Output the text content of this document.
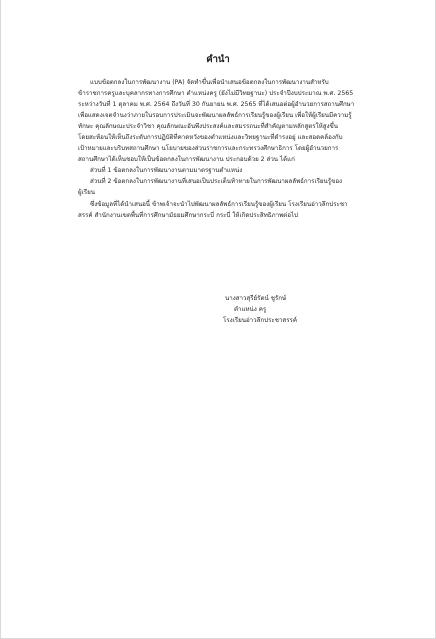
คำนำ
แบบข้อตกลงในการพัฒนางาน (PA) จัดทำขึ้นเพื่อนำเสนอข้อตกลงในการพัฒนางานสำหรับ
ข้าราชการครูและบุคลากรทางการศึกษา ตำแหน่งครู (ยังไม่มีวิทยฐานะ) ประจำปีงบประมาณ พ.ศ. 2565
ระหว่างวันที่ 1 ตุลาคม พ.ศ. 2564 ถึงวันที่ 30 กันยายน พ.ศ. 2565 ที่ได้เสนอต่อผู้อำนวยการสถานศึกษา
เพื่อแสดงเจตจำนงว่าภายในรอบการประเมินจะพัฒนาผลลัพธ์การเรียนรู้ของผู้เรียน เพื่อให้ผู้เรียนมีความรู้
ทักษะ คุณลักษณะประจำวิชา คุณลักษณะอันพึงประสงค์และสมรรถนะที่สำคัญตามหลักสูตรให้สูงขึ้น
โดยสะท้อนให้เห็นถึงระดับการปฏิบัติที่คาดหวังของตำแหน่งและวิทยฐานะที่ดำรงอยู่ และสอดคล้องกับ
เป้าหมายและบริบทสถานศึกษา นโยบายของส่วนราชการและกระทรวงศึกษาธิการ โดยผู้อำนวยการ
สถานศึกษาได้เห็นชอบให้เป็นข้อตกลงในการพัฒนางาน ประกอบด้วย 2 ส่วน ได้แก่
ส่วนที่ 1 ข้อตกลงในการพัฒนางานตามมาตรฐานตำแหน่ง
ส่วนที่ 2 ข้อตกลงในการพัฒนางานที่เสนอเป็นประเด็นท้าทายในการพัฒนาผลลัพธ์การเรียนรู้ของ
ผู้เรียน
ซึ่งข้อมูลที่ได้นำเสนอนี้ ข้าพเจ้าจะนำไปพัฒนาผลลัพธ์การเรียนรู้ของผู้เรียน โรงเรียนอ่าวลึกประชา
สรรค์ สำนักงานเขตพื้นที่การศึกษามัธยมศึกษากระบี่ กระบี่ ให้เกิดประสิทธิภาพต่อไป
นางสาวสุรีย์รัตน์ ชูรักษ์
ตำแหน่ง ครู
โรงเรียนอ่าวลึกประชาสรรค์
